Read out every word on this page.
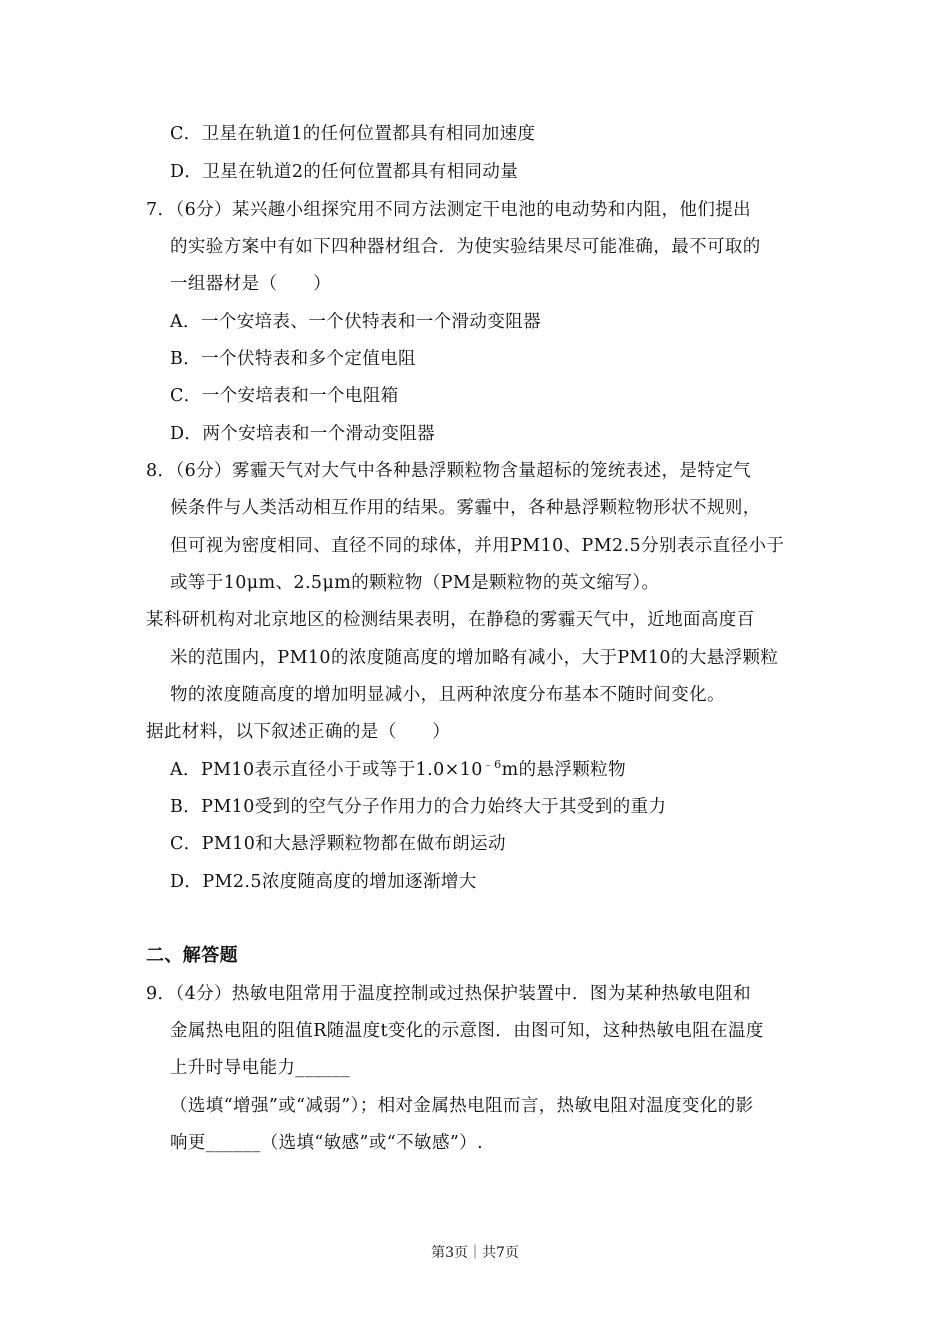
C．卫星在轨道1的任何位置都具有相同加速度
D．卫星在轨道2的任何位置都具有相同动量
7．（6分）某兴趣小组探究用不同方法测定干电池的电动势和内阻，他们提出
的实验方案中有如下四种器材组合．为使实验结果尽可能准确，最不可取的
一组器材是（　　）
A．一个安培表、一个伏特表和一个滑动变阻器
B．一个伏特表和多个定值电阻
C．一个安培表和一个电阻箱
D．两个安培表和一个滑动变阻器
8．（6分）雾霾天气对大气中各种悬浮颗粒物含量超标的笼统表述，是特定气
候条件与人类活动相互作用的结果。雾霾中，各种悬浮颗粒物形状不规则，
但可视为密度相同、直径不同的球体，并用PM10、PM2.5分别表示直径小于
或等于10μm、2.5μm的颗粒物（PM是颗粒物的英文缩写）。
某科研机构对北京地区的检测结果表明，在静稳的雾霾天气中，近地面高度百
米的范围内，PM10的浓度随高度的增加略有减小，大于PM10的大悬浮颗粒
物的浓度随高度的增加明显减小，且两种浓度分布基本不随时间变化。
据此材料，以下叙述正确的是（　　）
A．PM10表示直径小于或等于$1.0\times 10^{﹣6}m$的悬浮颗粒物
B．PM10受到的空气分子作用力的合力始终大于其受到的重力
C．PM10和大悬浮颗粒物都在做布朗运动
D．PM2.5浓度随高度的增加逐渐增大
二、解答题
9．（4分）热敏电阻常用于温度控制或过热保护装置中．图为某种热敏电阻和
金属热电阻的阻值R随温度t变化的示意图．由图可知，这种热敏电阻在温度
上升时导电能力______
（选填“增强”或“减弱”）；相对金属热电阻而言，热敏电阻对温度变化的影
响更______（选填“敏感”或“不敏感”）.
第3页｜共7页
